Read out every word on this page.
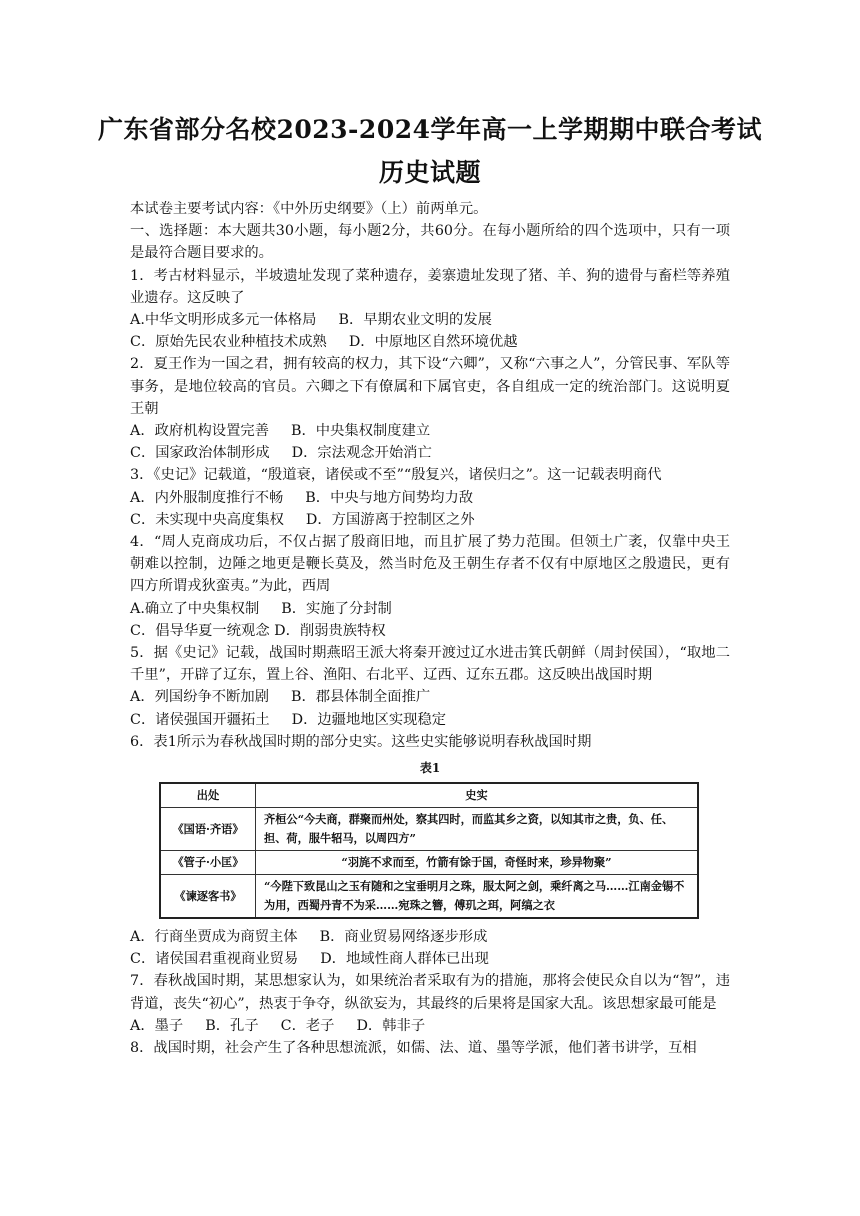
广东省部分名校2023-2024学年高一上学期期中联合考试
历史试题

本试卷主要考试内容：《中外历史纲要》（上）前两单元。

一、选择题：本大题共30小题，每小题2分，共60分。在每小题所给的四个选项中，只有一项是最符合题目要求的。

1．考古材料显示，半坡遗址发现了菜种遗存，姜寨遗址发现了猪、羊、狗的遗骨与畜栏等养殖业遗存。这反映了

A.中华文明形成多元一体格局 B．早期农业文明的发展

C．原始先民农业种植技术成熟 D．中原地区自然环境优越

2．夏王作为一国之君，拥有较高的权力，其下设“六卿”，又称“六事之人”，分管民事、军队等事务，是地位较高的官员。六卿之下有僚属和下属官吏，各自组成一定的统治部门。这说明夏王朝

A．政府机构设置完善 B．中央集权制度建立

C．国家政治体制形成 D．宗法观念开始消亡

3．《史记》记载道，“殷道衰，诸侯或不至”“殷复兴，诸侯归之”。这一记载表明商代

A．内外服制度推行不畅 B．中央与地方间势均力敌

C．未实现中央高度集权 D．方国游离于控制区之外

4．“周人克商成功后，不仅占据了殷商旧地，而且扩展了势力范围。但领土广袤，仅靠中央王朝难以控制，边陲之地更是鞭长莫及，然当时危及王朝生存者不仅有中原地区之殷遗民，更有四方所谓戎狄蛮夷。”为此，西周

A.确立了中央集权制 B．实施了分封制

C．倡导华夏一统观念 D．削弱贵族特权

5．据《史记》记载，战国时期燕昭王派大将秦开渡过辽水进击箕氏朝鲜（周封侯国），“取地二千里”，开辟了辽东，置上谷、渔阳、右北平、辽西、辽东五郡。这反映出战国时期

A．列国纷争不断加剧 B．郡县体制全面推广

C．诸侯强国开疆拓土 D．边疆地地区实现稳定

6．表1所示为春秋战国时期的部分史实。这些史实能够说明春秋战国时期

表1
出处	史实
《国语·齐语》	齐桓公“今夫商，群聚而州处，察其四时，而监其乡之资，以知其市之贵，负、任、担、荷，服牛轺马，以周四方”
《管子·小匡》	“羽旄不求而至，竹箭有馀于国，奇怪时来，珍异物聚”
《谏逐客书》	“今陛下致昆山之玉有随和之宝垂明月之珠，服太阿之剑，乘纤离之马……江南金锡不为用，西蜀丹青不为采……宛珠之簪，傅玑之珥，阿缟之衣

A．行商坐贾成为商贸主体 B．商业贸易网络逐步形成

C．诸侯国君重视商业贸易 D．地域性商人群体已出现

7．春秋战国时期，某思想家认为，如果统治者采取有为的措施，那将会使民众自以为“智”，违背道，丧失“初心”，热衷于争夺，纵欲妄为，其最终的后果将是国家大乱。该思想家最可能是

A．墨子 B．孔子 C．老子 D．韩非子

8．战国时期，社会产生了各种思想流派，如儒、法、道、墨等学派，他们著书讲学，互相
